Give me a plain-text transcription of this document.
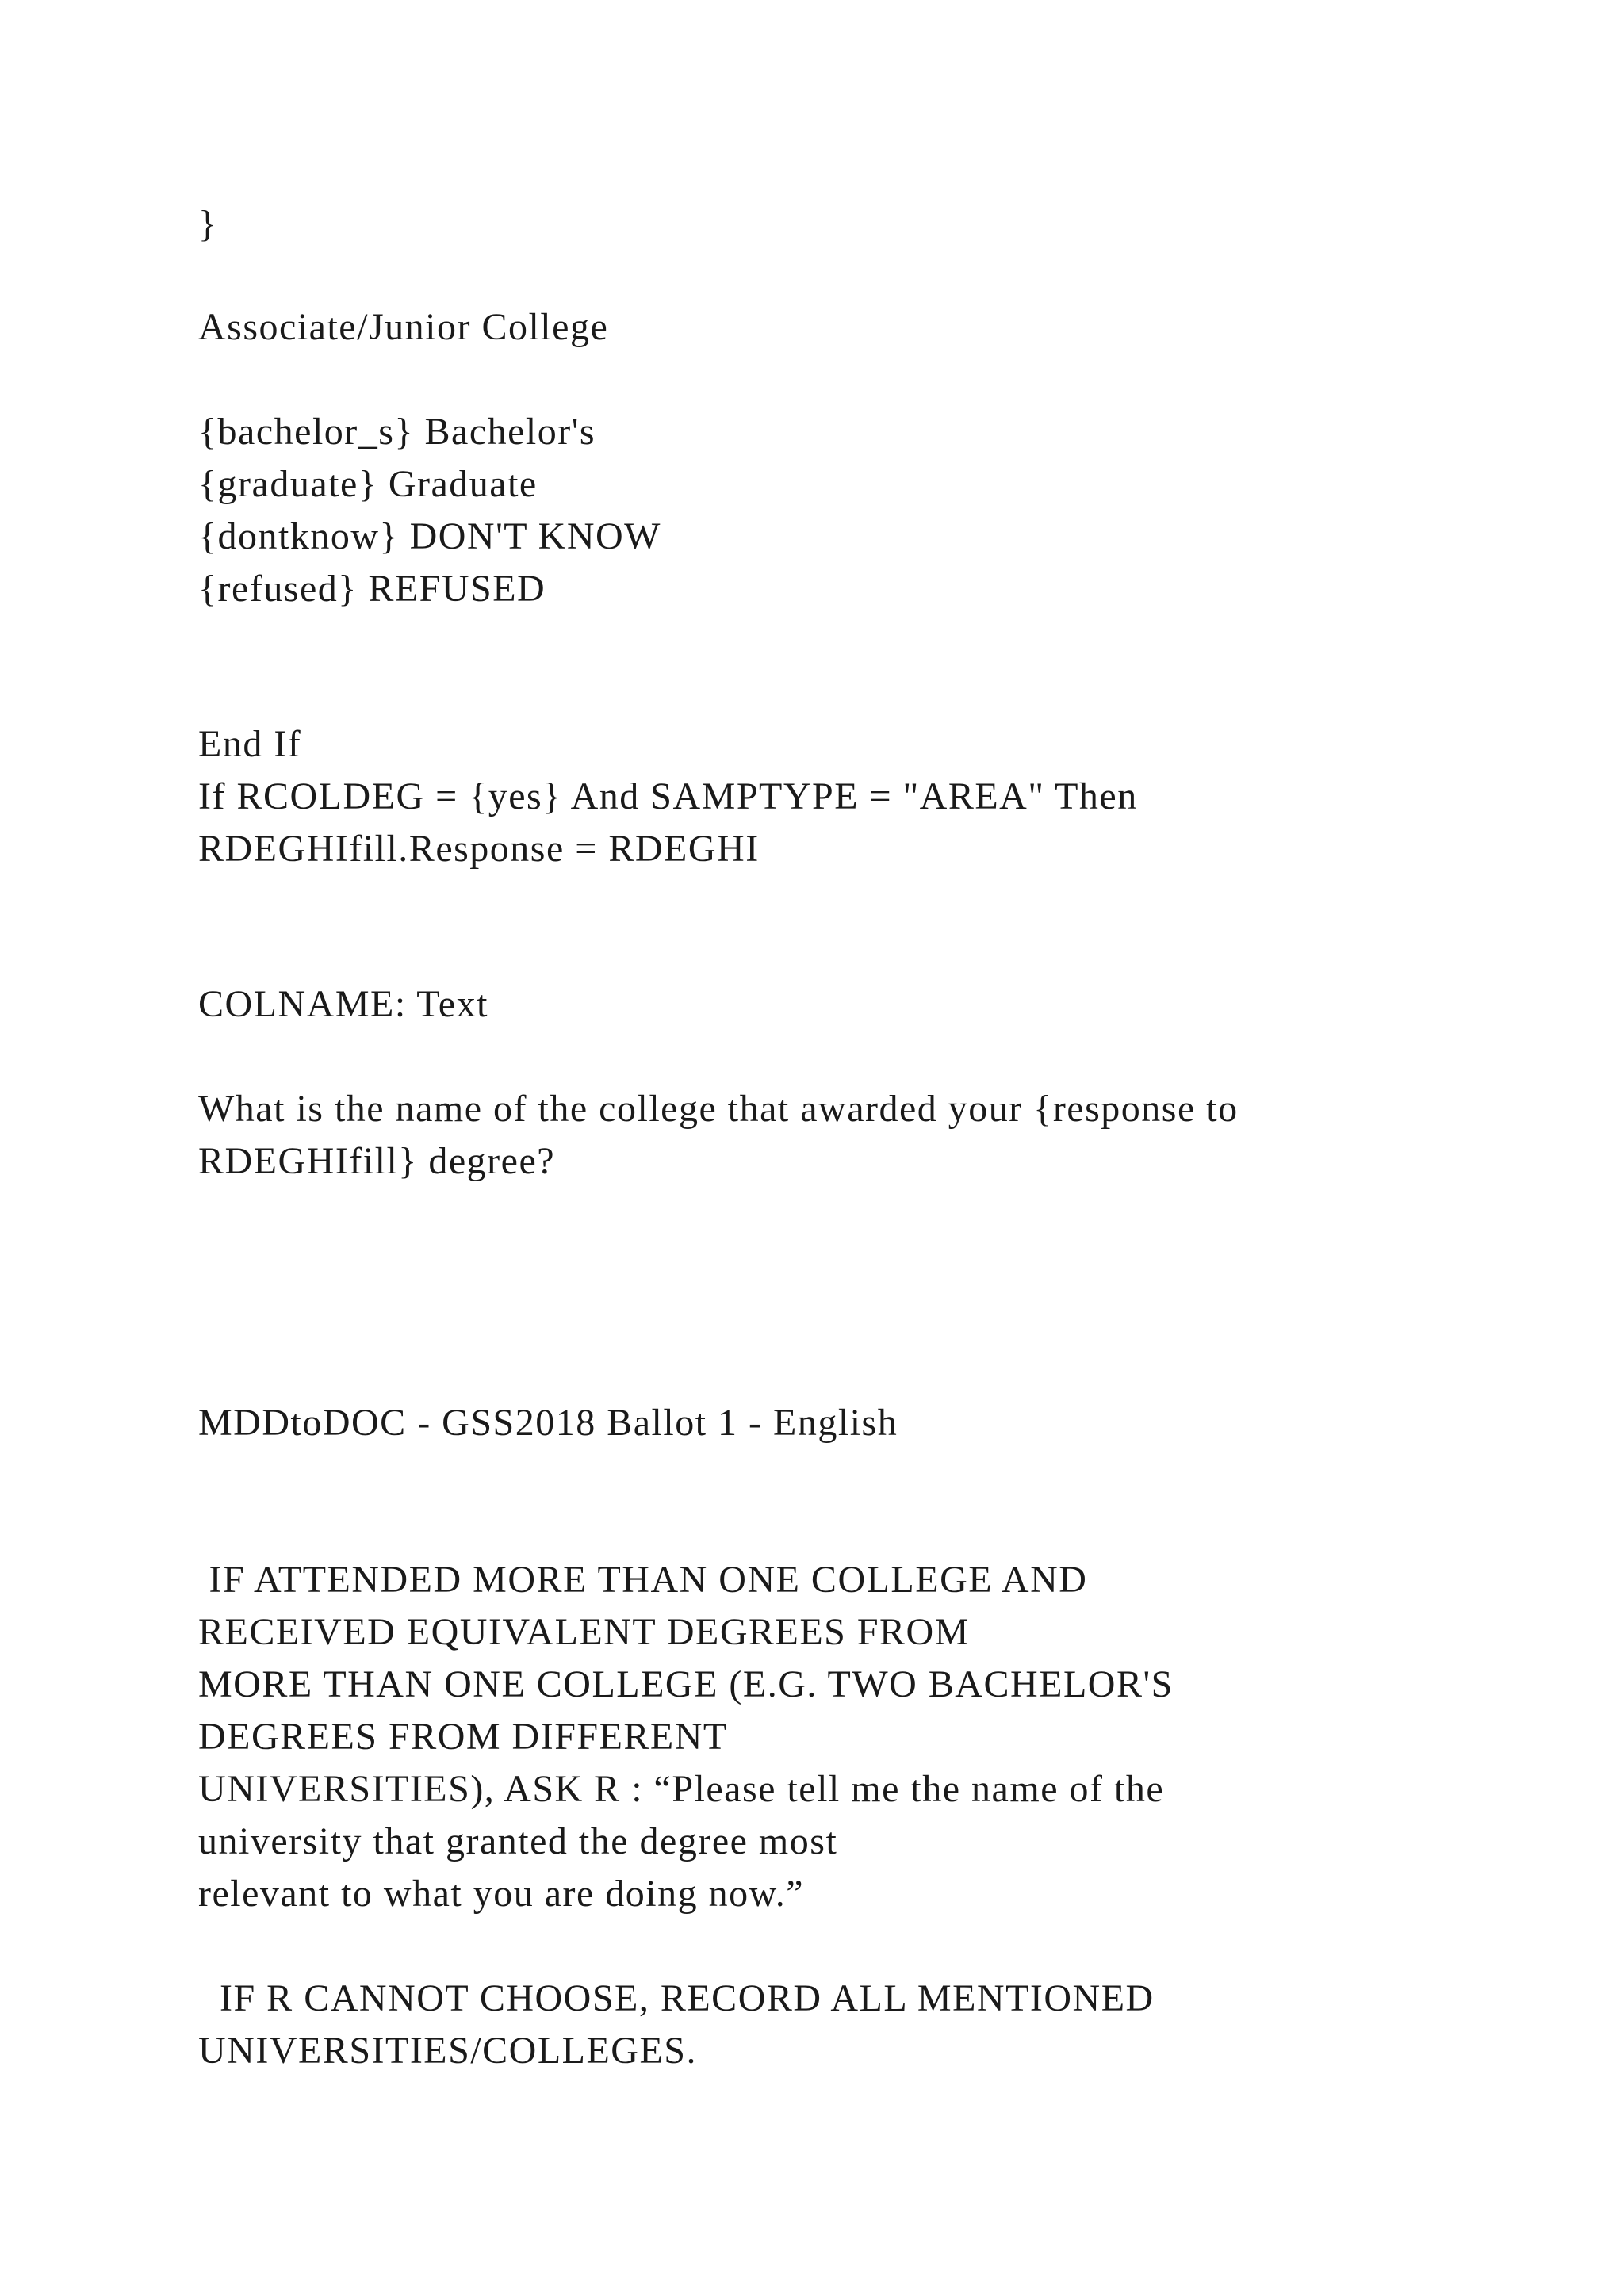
}
Associate/Junior College
{bachelor_s} Bachelor's
{graduate} Graduate
{dontknow} DON'T KNOW
{refused} REFUSED
End If
If RCOLDEG = {yes} And SAMPTYPE = "AREA" Then
RDEGHIfill.Response = RDEGHI
COLNAME: Text
What is the name of the college that awarded your {response to
RDEGHIfill} degree?
MDDtoDOC - GSS2018 Ballot 1 - English
IF ATTENDED MORE THAN ONE COLLEGE AND
RECEIVED EQUIVALENT DEGREES FROM
MORE THAN ONE COLLEGE (E.G. TWO BACHELOR'S
DEGREES FROM DIFFERENT
UNIVERSITIES), ASK R : “Please tell me the name of the
university that granted the degree most
relevant to what you are doing now.”
IF R CANNOT CHOOSE, RECORD ALL MENTIONED
UNIVERSITIES/COLLEGES.
